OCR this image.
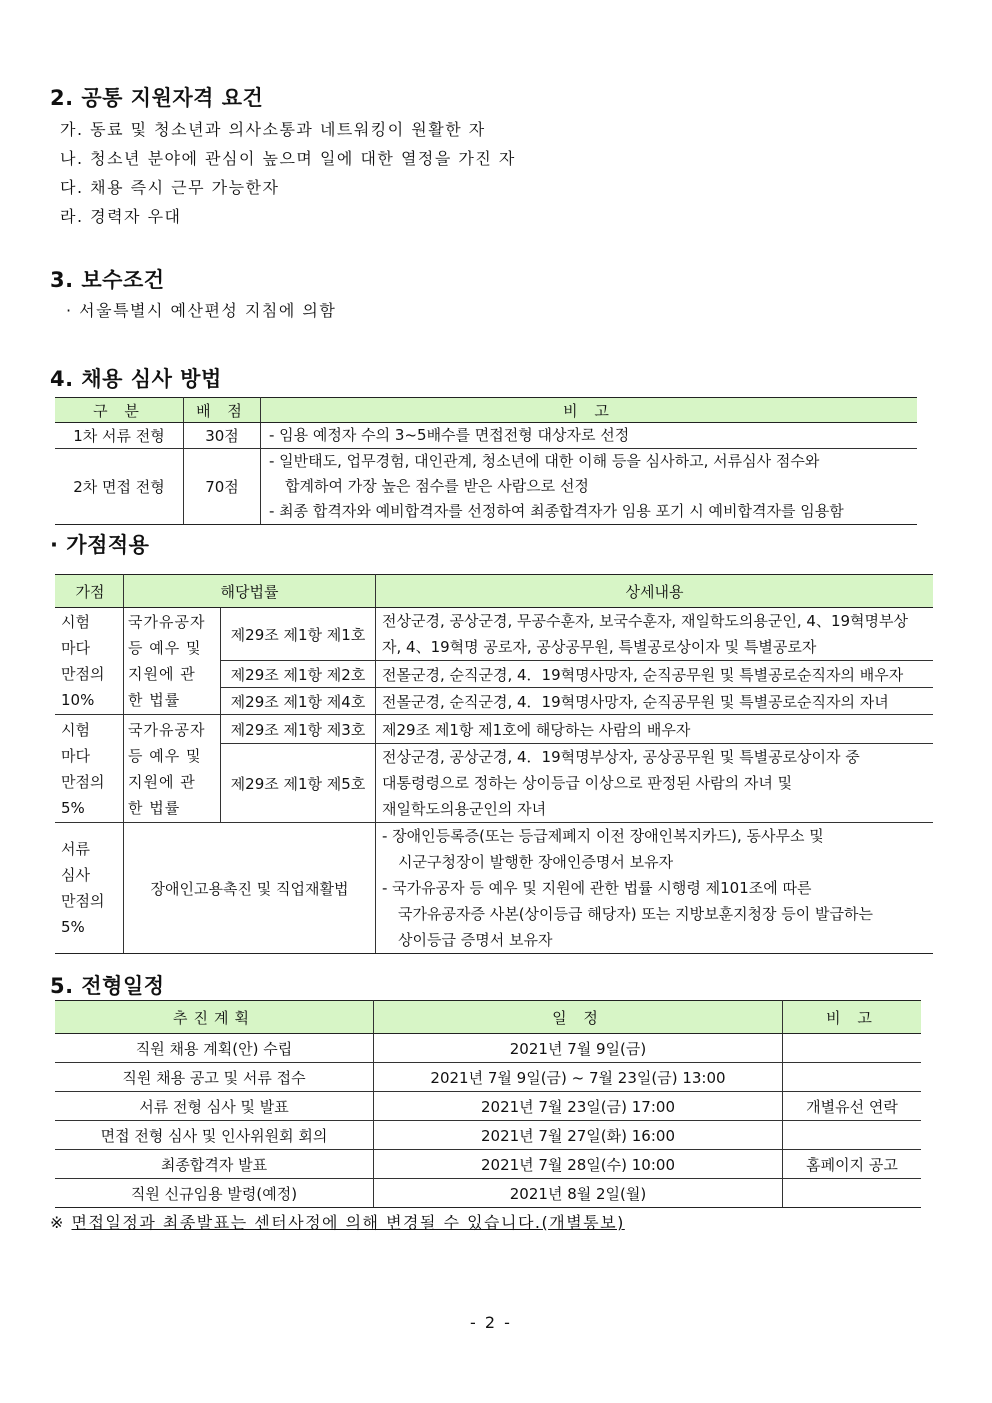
2. 공통 지원자격 요건

가. 동료 및 청소년과 의사소통과 네트워킹이 원활한 자

나. 청소년 분야에 관심이 높으며 일에 대한 열정을 가진 자

다. 채용 즉시 근무 가능한자

라. 경력자 우대

3. 보수조건

· 서울특별시 예산편성 지침에 의함

4. 채용 심사 방법
구 분	배 점	비 고
1차 서류 전형	30점	- 임용 예정자 수의 3~5배수를 면접전형 대상자로 선정

2차 면접 전형	70점	- 일반태도, 업무경험, 대인관계, 청소년에 대한 이해 등을 심사하고, 서류심사 점수와
합계하여 가장 높은 점수를 받은 사람으로 선정
- 최종 합격자와 예비합격자를 선정하여 최종합격자가 임용 포기 시 예비합격자를 임용함
· 가점적용
가점	해당법률		상세내용

시험
마다
만점의
10%	국가유공자
등 예우 및
지원에 관
한 법률	제29조 제1항 제1호	전상군경, 공상군경, 무공수훈자, 보국수훈자, 재일학도의용군인, 4、19혁명부상
자, 4、19혁명 공로자, 공상공무원, 특별공로상이자 및 특별공로자

		제29조 제1항 제2호	전몰군경, 순직군경, 4．19혁명사망자, 순직공무원 및 특별공로순직자의 배우자
		제29조 제1항 제4호	전몰군경, 순직군경, 4．19혁명사망자, 순직공무원 및 특별공로순직자의 자녀

시험
마다
만점의
5%	국가유공자
등 예우 및
지원에 관
한 법률	제29조 제1항 제3호	제29조 제1항 제1호에 해당하는 사람의 배우자
		제29조 제1항 제5호	전상군경, 공상군경, 4．19혁명부상자, 공상공무원 및 특별공로상이자 중
대통령령으로 정하는 상이등급 이상으로 판정된 사람의 자녀 및
재일학도의용군인의 자녀

서류
심사
만점의
5%	장애인고용촉진 및 직업재활법		- 장애인등록증(또는 등급제폐지 이전 장애인복지카드), 동사무소 및
시군구청장이 발행한 장애인증명서 보유자
- 국가유공자 등 예우 및 지원에 관한 법률 시행령 제101조에 따른
국가유공자증 사본(상이등급 해당자) 또는 지방보훈지청장 등이 발급하는
상이등급 증명서 보유자
5. 전형일정
추진계획	일 정	비 고
직원 채용 계획(안) 수립	2021년 7월 9일(금)	
직원 채용 공고 및 서류 접수	2021년 7월 9일(금) ~ 7월 23일(금) 13:00	
서류 전형 심사 및 발표	2021년 7월 23일(금) 17:00	개별유선 연락
면접 전형 심사 및 인사위원회 회의	2021년 7월 27일(화) 16:00	
최종합격자 발표	2021년 7월 28일(수) 10:00	홈페이지 공고
직원 신규임용 발령(예정)	2021년 8월 2일(월)	
※ 면접일정과 최종발표는 센터사정에 의해 변경될 수 있습니다.(개별통보)
- 2 -
